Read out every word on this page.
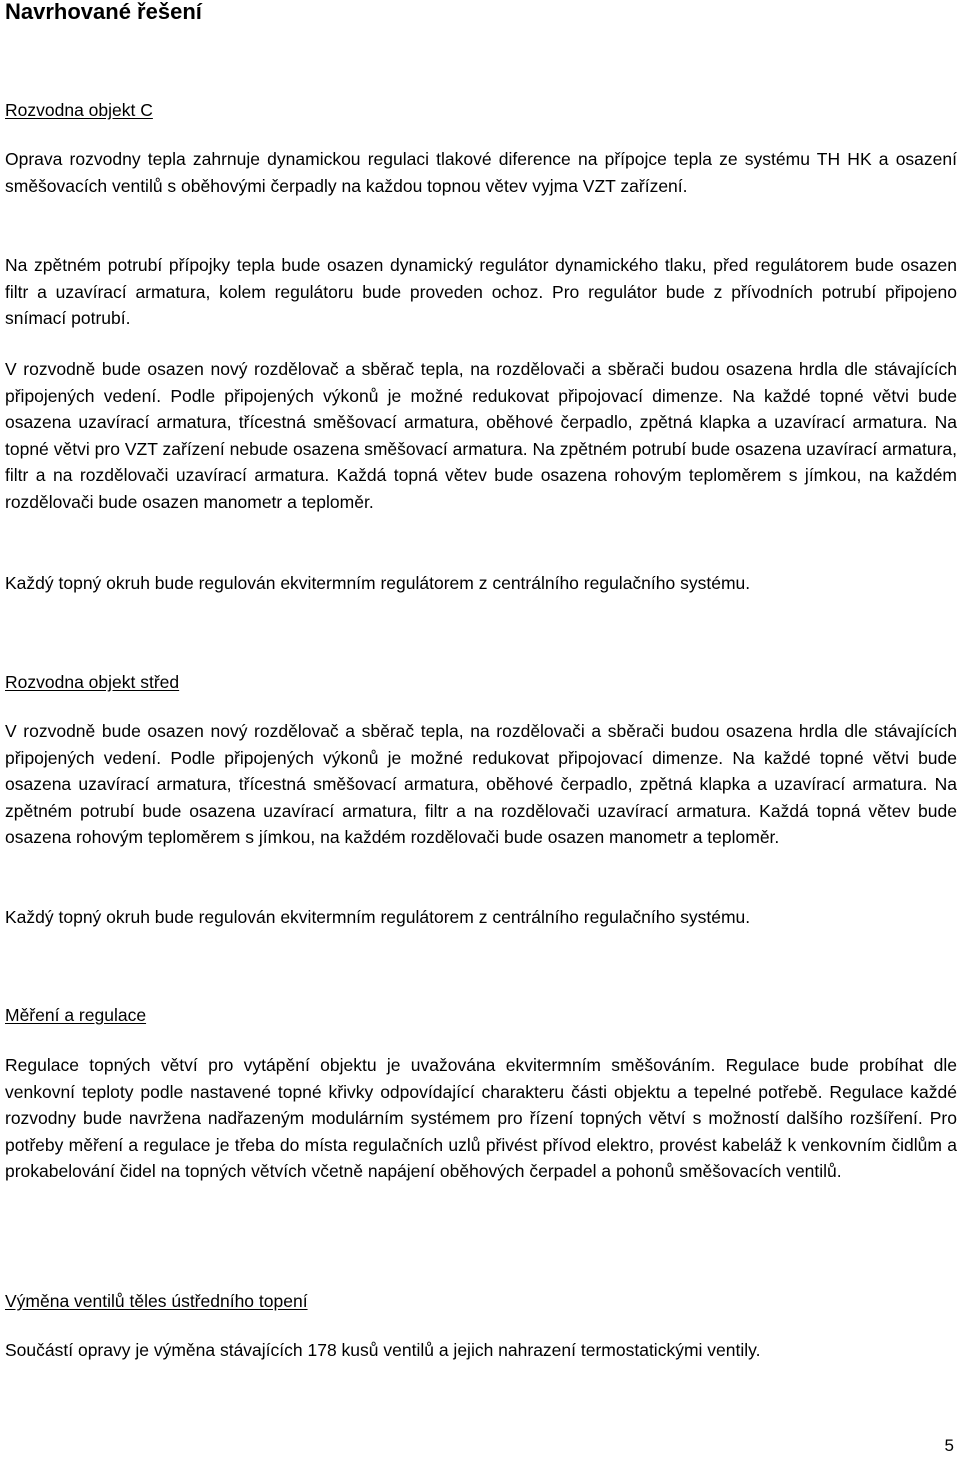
Navrhované řešení
Rozvodna objekt C

Oprava rozvodny tepla zahrnuje dynamickou regulaci tlakové diference na přípojce tepla ze systému TH HK a osazení směšovacích ventilů s oběhovými čerpadly na každou topnou větev vyjma VZT zařízení.

Na zpětném potrubí přípojky tepla bude osazen dynamický regulátor dynamického tlaku, před regulátorem bude osazen filtr a uzavírací armatura, kolem regulátoru bude proveden ochoz. Pro regulátor bude z přívodních potrubí připojeno snímací potrubí.

V rozvodně bude osazen nový rozdělovač a sběrač tepla, na rozdělovači a sběrači budou osazena hrdla dle stávajících připojených vedení. Podle připojených výkonů je možné redukovat připojovací dimenze. Na každé topné větvi bude osazena uzavírací armatura, třícestná směšovací armatura, oběhové čerpadlo, zpětná klapka a uzavírací armatura. Na topné větvi pro VZT zařízení nebude osazena směšovací armatura. Na zpětném potrubí bude osazena uzavírací armatura, filtr a na rozdělovači uzavírací armatura. Každá topná větev bude osazena rohovým teploměrem s jímkou, na každém rozdělovači bude osazen manometr a teploměr.

Každý topný okruh bude regulován ekvitermním regulátorem z centrálního regulačního systému.

Rozvodna objekt střed

V rozvodně bude osazen nový rozdělovač a sběrač tepla, na rozdělovači a sběrači budou osazena hrdla dle stávajících připojených vedení. Podle připojených výkonů je možné redukovat připojovací dimenze. Na každé topné větvi bude osazena uzavírací armatura, třícestná směšovací armatura, oběhové čerpadlo, zpětná klapka a uzavírací armatura. Na zpětném potrubí bude osazena uzavírací armatura, filtr a na rozdělovači uzavírací armatura. Každá topná větev bude osazena rohovým teploměrem s jímkou, na každém rozdělovači bude osazen manometr a teploměr.

Každý topný okruh bude regulován ekvitermním regulátorem z centrálního regulačního systému.

Měření a regulace

Regulace topných větví pro vytápění objektu je uvažována ekvitermním směšováním. Regulace bude probíhat dle venkovní teploty podle nastavené topné křivky odpovídající charakteru části objektu a tepelné potřebě. Regulace každé rozvodny bude navržena nadřazeným modulárním systémem pro řízení topných větví s možností dalšího rozšíření. Pro potřeby měření a regulace je třeba do místa regulačních uzlů přivést přívod elektro, provést kabeláž k venkovním čidlům a prokabelování čidel na topných větvích včetně napájení oběhových čerpadel a pohonů směšovacích ventilů.

Výměna ventilů těles ústředního topení

Součástí opravy je výměna stávajících 178 kusů ventilů a jejich nahrazení termostatickými ventily.

5
